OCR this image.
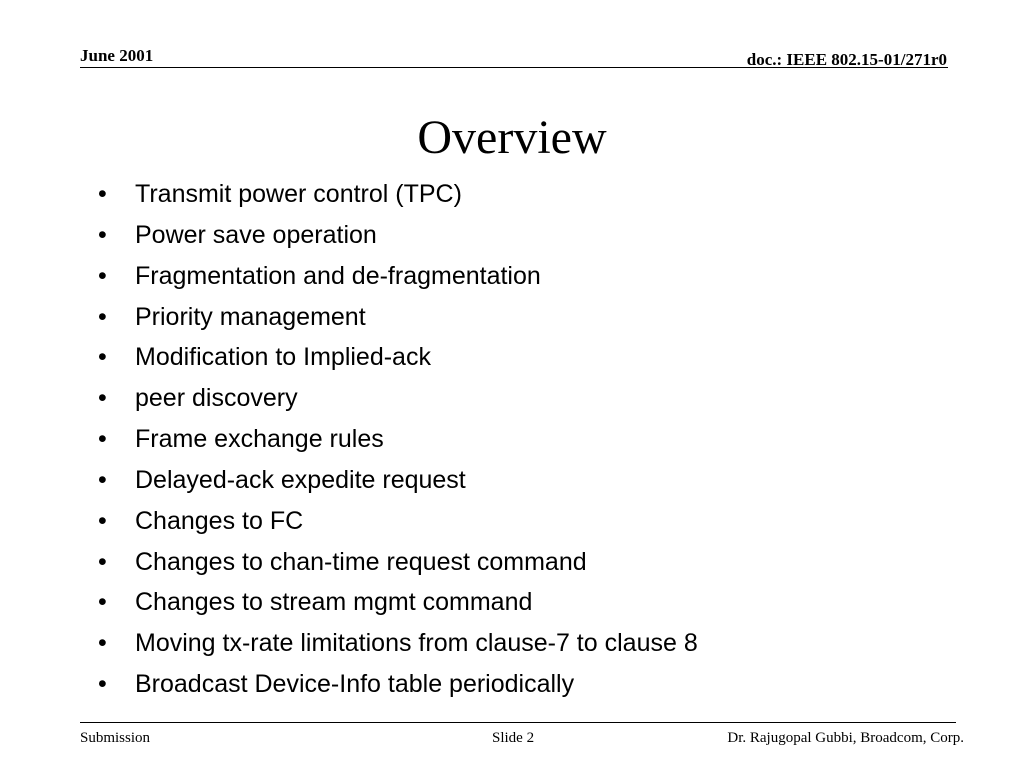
June 2001	doc.: IEEE 802.15-01/271r0
Overview
•	Transmit power control (TPC)
•	Power save operation
•	Fragmentation and de-fragmentation
•	Priority management
•	Modification to Implied-ack
•	peer discovery
•	Frame exchange rules
•	Delayed-ack expedite request
•	Changes to FC
•	Changes to chan-time request command
•	Changes to stream mgmt command
•	Moving tx-rate limitations from clause-7 to clause 8
•	Broadcast Device-Info table periodically
Submission	Slide 2	Dr. Rajugopal Gubbi, Broadcom, Corp.
